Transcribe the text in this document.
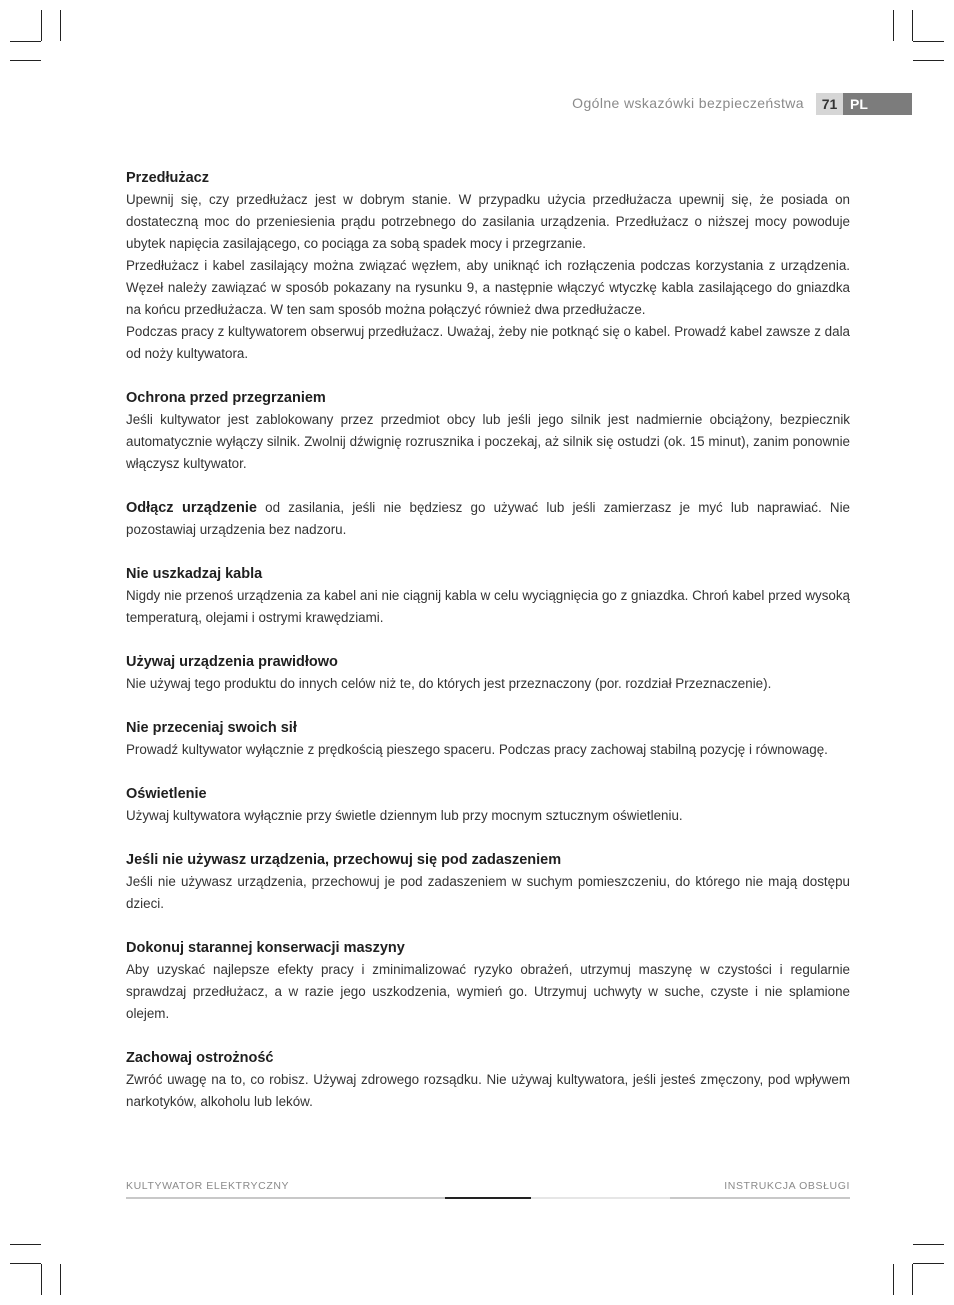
Ogólne wskazówki bezpieczeństwa	71 PL
Przedłużacz

Upewnij się, czy przedłużacz jest w dobrym stanie. W przypadku użycia przedłużacza upewnij się, że posiada on dostateczną moc do przeniesienia prądu potrzebnego do zasilania urządzenia. Przedłużacz o niższej mocy powoduje ubytek napięcia zasilającego, co pociąga za sobą spadek mocy i przegrzanie.

Przedłużacz i kabel zasilający można związać węzłem, aby uniknąć ich rozłączenia podczas korzystania z urządzenia. Węzeł należy zawiązać w sposób pokazany na rysunku 9, a następnie włączyć wtyczkę kabla zasilającego do gniazdka na końcu przedłużacza. W ten sam sposób można połączyć również dwa przedłużacze.

Podczas pracy z kultywatorem obserwuj przedłużacz. Uważaj, żeby nie potknąć się o kabel. Prowadź kabel zawsze z dala od noży kultywatora.

Ochrona przed przegrzaniem

Jeśli kultywator jest zablokowany przez przedmiot obcy lub jeśli jego silnik jest nadmiernie obciążony, bezpiecznik automatycznie wyłączy silnik. Zwolnij dźwignię rozrusznika i poczekaj, aż silnik się ostudzi (ok. 15 minut), zanim ponownie włączysz kultywator.

Odłącz urządzenie od zasilania, jeśli nie będziesz go używać lub jeśli zamierzasz je myć lub naprawiać. Nie pozostawiaj urządzenia bez nadzoru.

Nie uszkadzaj kabla

Nigdy nie przenoś urządzenia za kabel ani nie ciągnij kabla w celu wyciągnięcia go z gniazdka. Chroń kabel przed wysoką temperaturą, olejami i ostrymi krawędziami.

Używaj urządzenia prawidłowo

Nie używaj tego produktu do innych celów niż te, do których jest przeznaczony (por. rozdział Przeznaczenie).

Nie przeceniaj swoich sił

Prowadź kultywator wyłącznie z prędkością pieszego spaceru. Podczas pracy zachowaj stabilną pozycję i równowagę.

Oświetlenie

Używaj kultywatora wyłącznie przy świetle dziennym lub przy mocnym sztucznym oświetleniu.

Jeśli nie używasz urządzenia, przechowuj się pod zadaszeniem

Jeśli nie używasz urządzenia, przechowuj je pod zadaszeniem w suchym pomieszczeniu, do którego nie mają dostępu dzieci.

Dokonuj starannej konserwacji maszyny

Aby uzyskać najlepsze efekty pracy i zminimalizować ryzyko obrażeń, utrzymuj maszynę w czystości i regularnie sprawdzaj przedłużacz, a w razie jego uszkodzenia, wymień go. Utrzymuj uchwyty w suche, czyste i nie splamione olejem.

Zachowaj ostrożność

Zwróć uwagę na to, co robisz. Używaj zdrowego rozsądku. Nie używaj kultywatora, jeśli jesteś zmęczony, pod wpływem narkotyków, alkoholu lub leków.

KULTYWATOR ELEKTRYCZNY	INSTRUKCJA OBSŁUGI
